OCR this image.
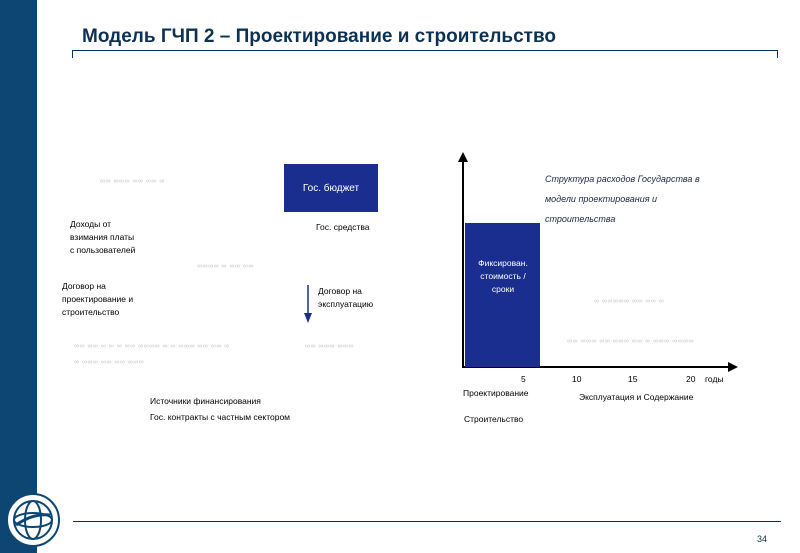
Модель ГЧП 2 – Проектирование и строительство
∞∞ ∞∞∞ ∞∞ ∞∞ ∞
Гос. бюджет
Гос. средства
Доходы от
взимания платы
с пользователей
∞∞∞∞ ∞ ∞∞ ∞∞
Договор на
проектирование и
строительство
Договор на
эксплуатацию
∞∞ ∞∞ ∞ ∞ ∞ ∞∞ ∞∞∞∞ ∞ ∞ ∞∞∞ ∞∞ ∞∞ ∞	∞∞ ∞∞∞ ∞∞∞
∞ ∞∞∞ ∞∞ ∞∞ ∞∞∞
Источники финансирования
Гос. контракты с частным сектором
Структура расходов Государства в
модели проектирования и
строительства
Фиксирован.
стоимость /
сроки
∞ ∞∞∞∞∞ ∞∞ ∞∞ ∞
∞∞ ∞∞∞ ∞∞ ∞∞∞ ∞∞ ∞ ∞∞∞ ∞∞∞∞
5	10	15	20 годы
Проектирование	Эксплуатация и Содержание
Строительство
34
